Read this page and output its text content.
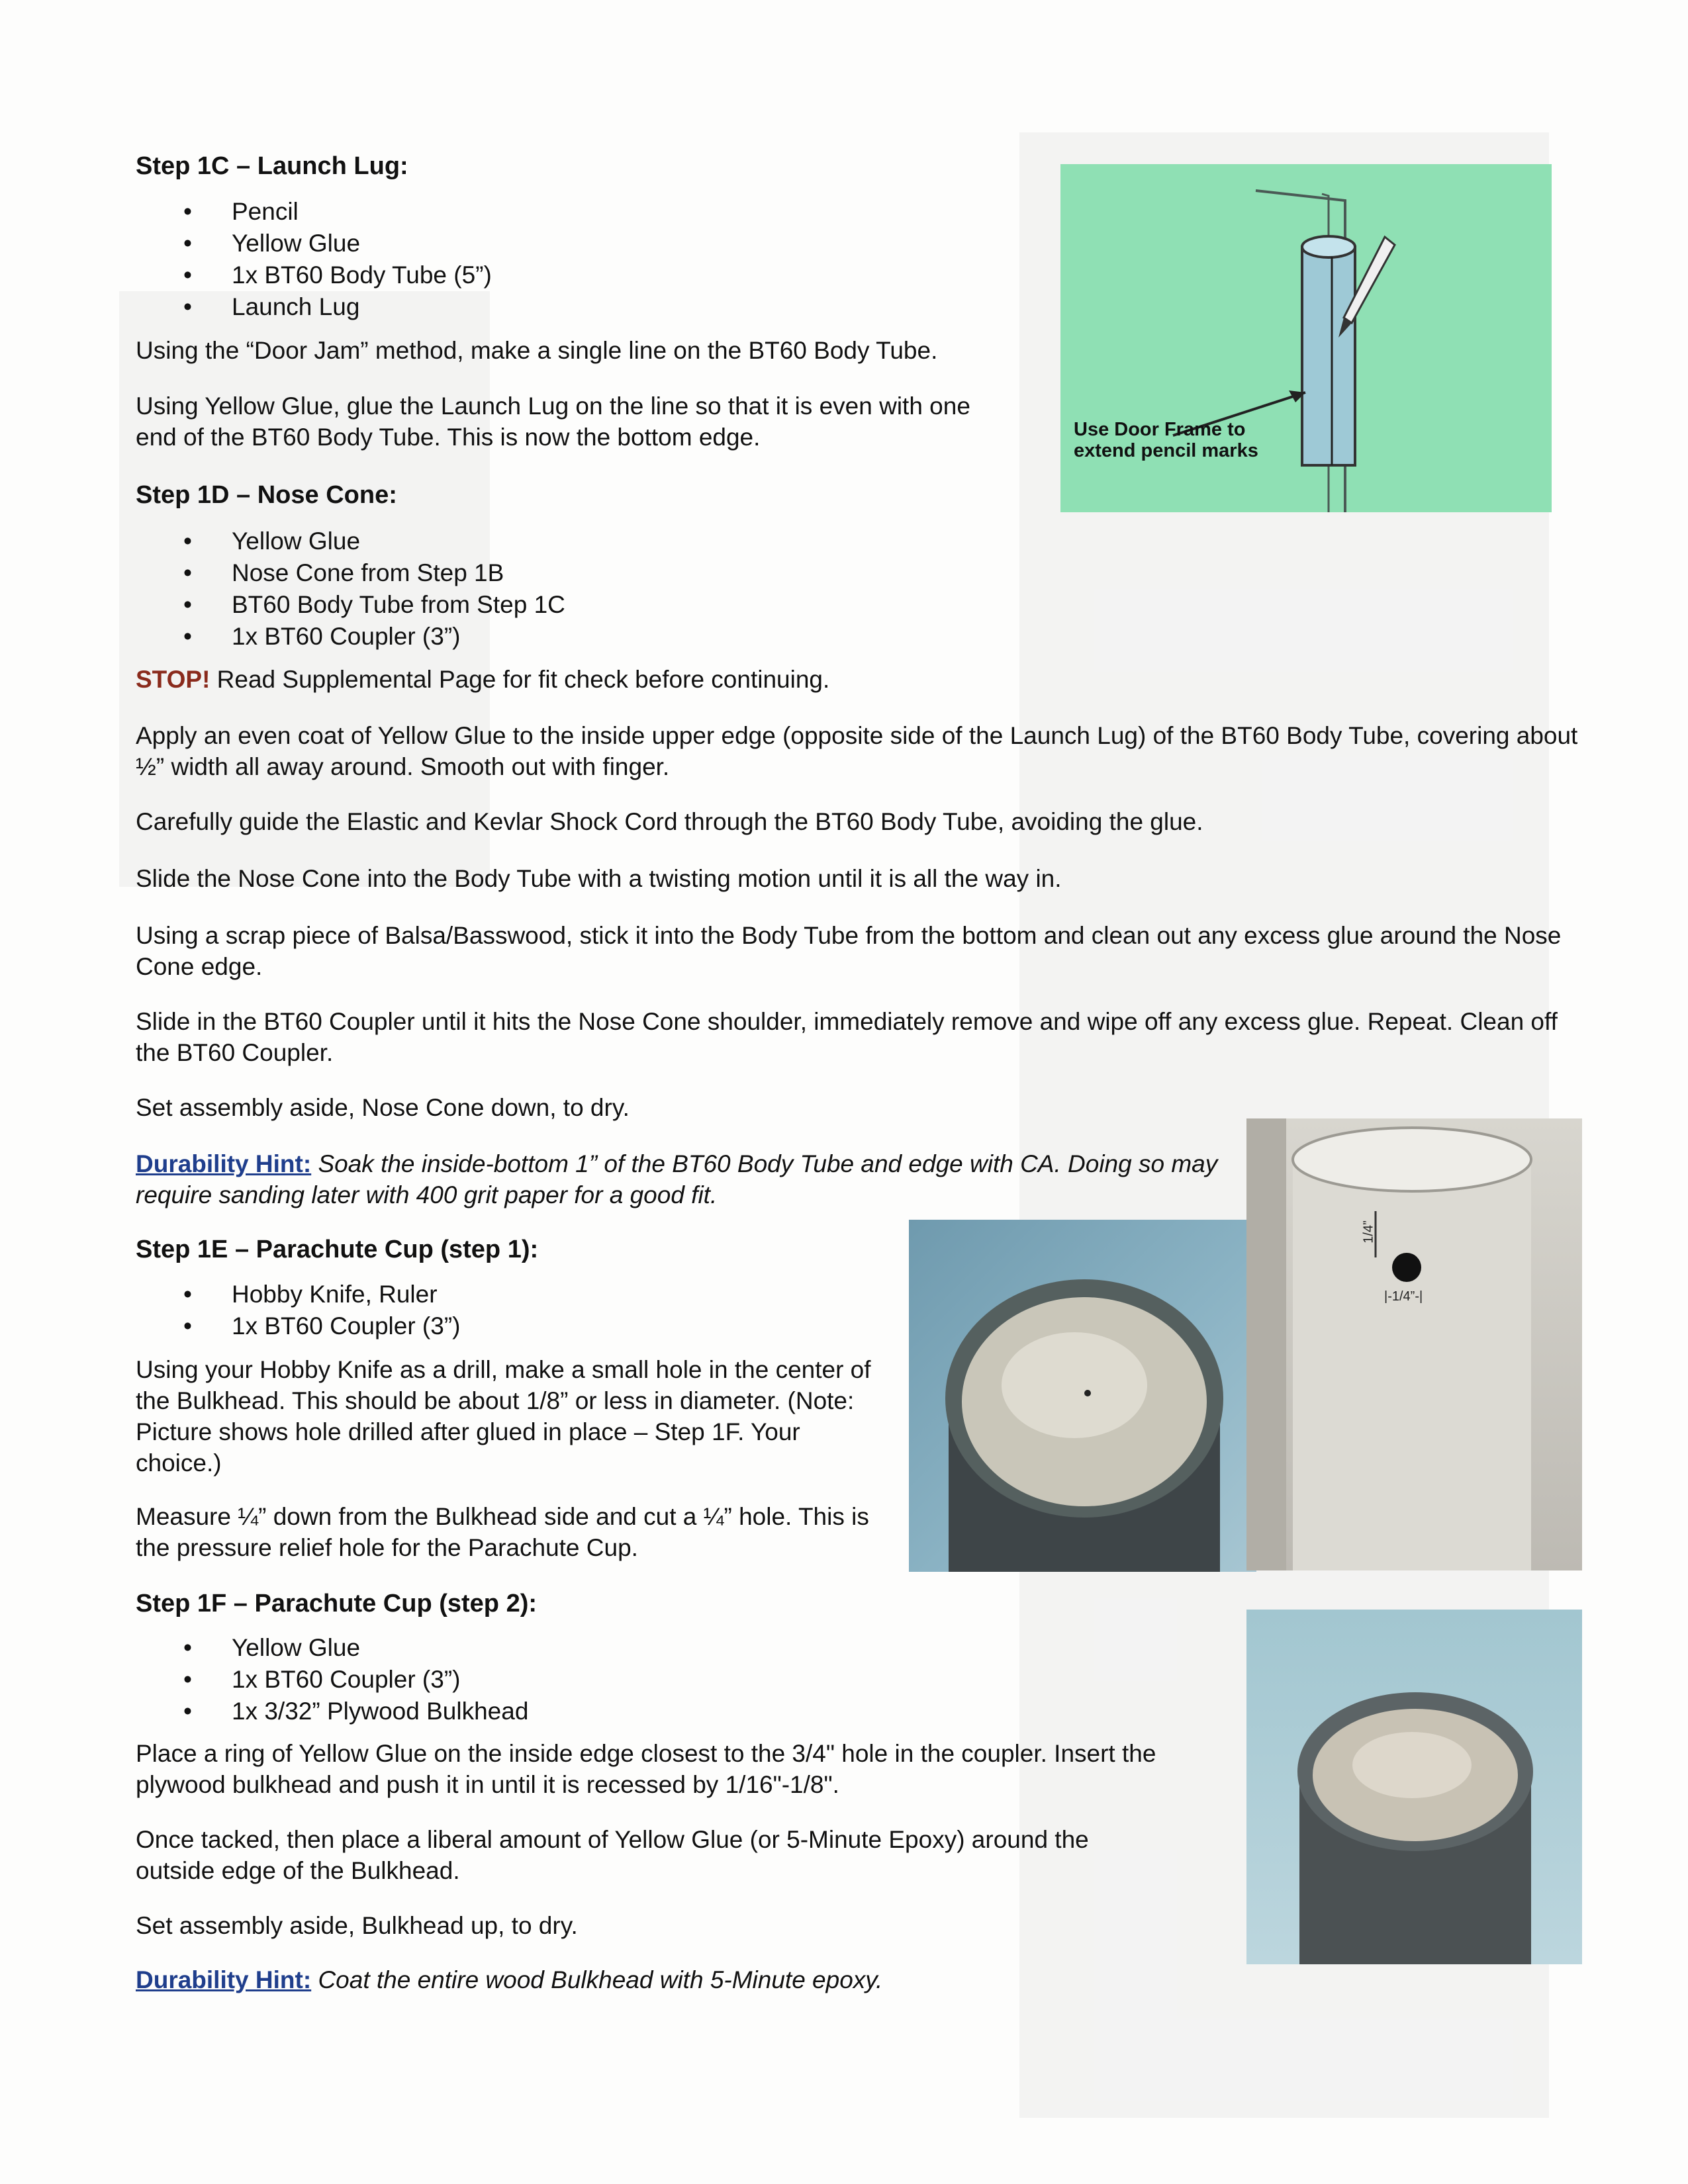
Step 1C – Launch Lug:
• Pencil
• Yellow Glue
• 1x BT60 Body Tube (5”)
• Launch Lug
Using the “Door Jam” method, make a single line on the BT60 Body Tube.
Using Yellow Glue, glue the Launch Lug on the line so that it is even with one end of the BT60 Body Tube. This is now the bottom edge.	Use Door Frame to extend pencil marks
Step 1D – Nose Cone:
• Yellow Glue
• Nose Cone from Step 1B
• BT60 Body Tube from Step 1C
• 1x BT60 Coupler (3”)
STOP! Read Supplemental Page for fit check before continuing.
Apply an even coat of Yellow Glue to the inside upper edge (opposite side of the Launch Lug) of the BT60 Body Tube, covering about ½” width all away around. Smooth out with finger.
Carefully guide the Elastic and Kevlar Shock Cord through the BT60 Body Tube, avoiding the glue.
Slide the Nose Cone into the Body Tube with a twisting motion until it is all the way in.
Using a scrap piece of Balsa/Basswood, stick it into the Body Tube from the bottom and clean out any excess glue around the Nose Cone edge.
Slide in the BT60 Coupler until it hits the Nose Cone shoulder, immediately remove and wipe off any excess glue. Repeat. Clean off the BT60 Coupler.
Set assembly aside, Nose Cone down, to dry.
Durability Hint: Soak the inside-bottom 1” of the BT60 Body Tube and edge with CA. Doing so may require sanding later with 400 grit paper for a good fit.
Step 1E – Parachute Cup (step 1):
• Hobby Knife, Ruler
• 1x BT60 Coupler (3”)
Using your Hobby Knife as a drill, make a small hole in the center of the Bulkhead. This should be about 1/8” or less in diameter. (Note: Picture shows hole drilled after glued in place – Step 1F. Your choice.)
Measure ¼” down from the Bulkhead side and cut a ¼” hole. This is the pressure relief hole for the Parachute Cup.
1/4”
|-1/4”-|
Step 1F – Parachute Cup (step 2):
• Yellow Glue
• 1x BT60 Coupler (3”)
• 1x 3/32” Plywood Bulkhead
Place a ring of Yellow Glue on the inside edge closest to the 3/4" hole in the coupler. Insert the plywood bulkhead and push it in until it is recessed by 1/16"-1/8".
Once tacked, then place a liberal amount of Yellow Glue (or 5-Minute Epoxy) around the outside edge of the Bulkhead.
Set assembly aside, Bulkhead up, to dry.
Durability Hint: Coat the entire wood Bulkhead with 5-Minute epoxy.
